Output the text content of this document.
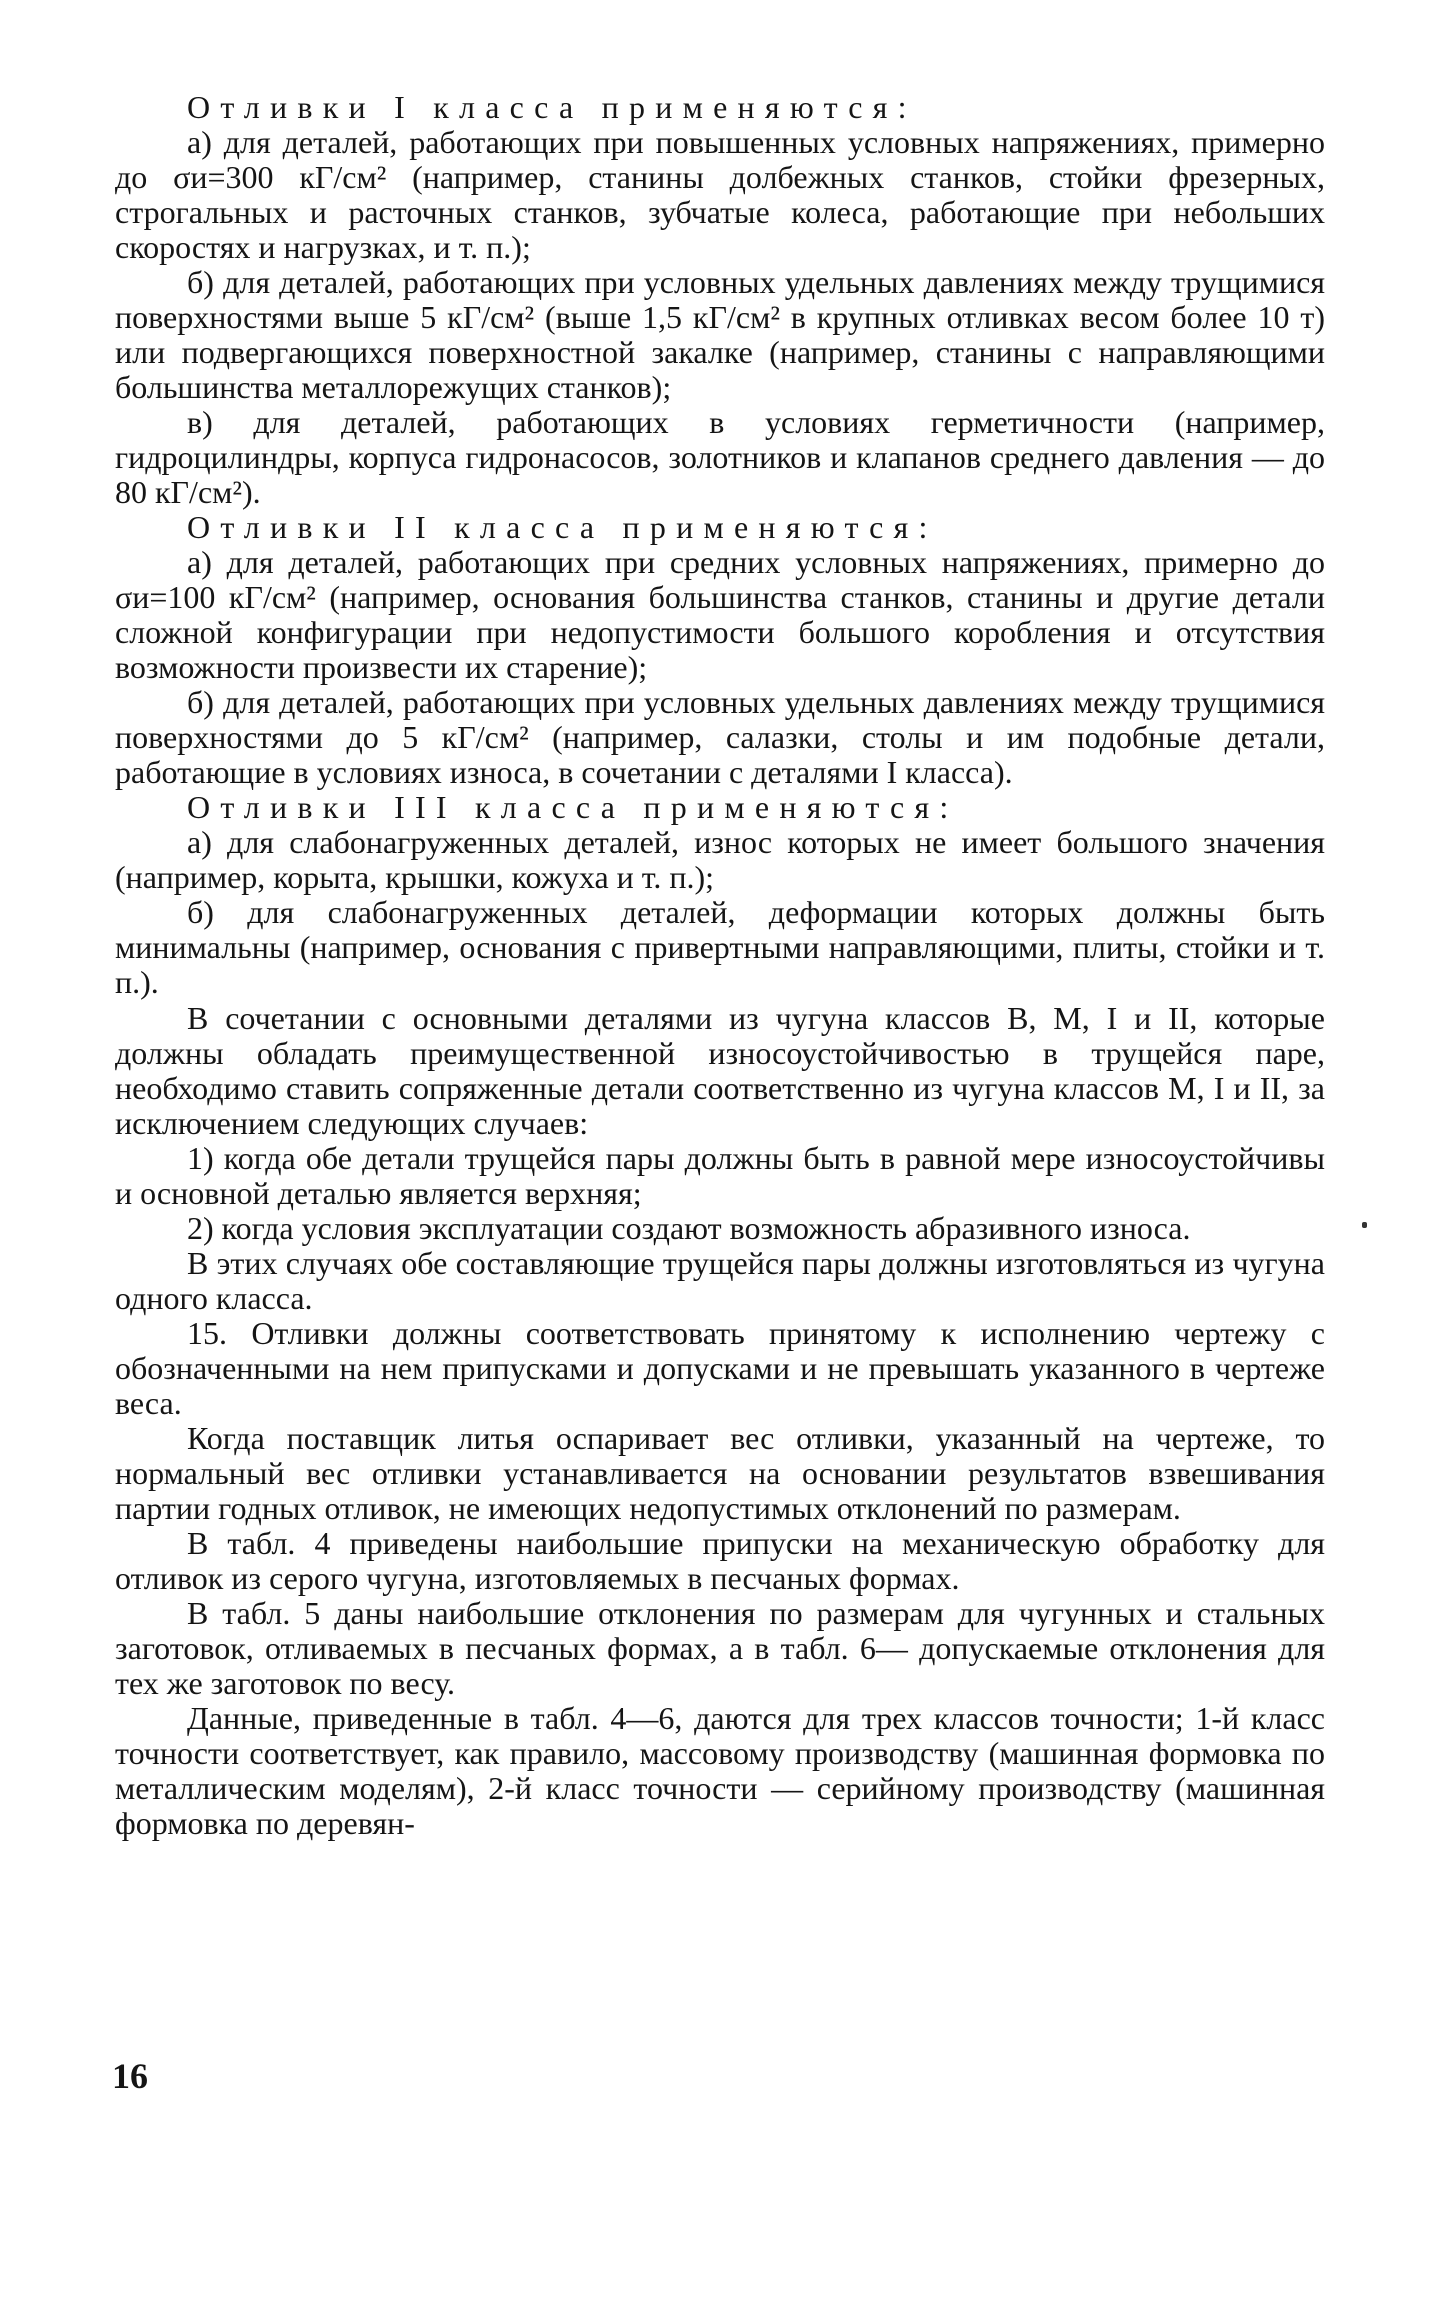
Отливки I класса применяются:

а) для деталей, работающих при повышенных условных напряжениях, примерно до σи=300 кГ/см² (например, станины долбежных станков, стойки фрезерных, строгальных и расточных станков, зубчатые колеса, работающие при небольших скоростях и нагрузках, и т. п.);

б) для деталей, работающих при условных удельных давлениях между трущимися поверхностями выше 5 кГ/см² (выше 1,5 кГ/см² в крупных отливках весом более 10 т) или подвергающихся поверхностной закалке (например, станины с направляющими большинства металлорежущих станков);

в) для деталей, работающих в условиях герметичности (например, гидроцилиндры, корпуса гидронасосов, золотников и клапанов среднего давления — до 80 кГ/см²).

Отливки II класса применяются:

а) для деталей, работающих при средних условных напряжениях, примерно до σи=100 кГ/см² (например, основания большинства станков, станины и другие детали сложной конфигурации при недопустимости большого коробления и отсутствия возможности произвести их старение);

б) для деталей, работающих при условных удельных давлениях между трущимися поверхностями до 5 кГ/см² (например, салазки, столы и им подобные детали, работающие в условиях износа, в сочетании с деталями I класса).

Отливки III класса применяются:

а) для слабонагруженных деталей, износ которых не имеет большого значения (например, корыта, крышки, кожуха и т. п.);

б) для слабонагруженных деталей, деформации которых должны быть минимальны (например, основания с привертными направляющими, плиты, стойки и т. п.).

В сочетании с основными деталями из чугуна классов В, М, I и II, которые должны обладать преимущественной износоустойчивостью в трущейся паре, необходимо ставить сопряженные детали соответственно из чугуна классов М, I и II, за исключением следующих случаев:

1) когда обе детали трущейся пары должны быть в равной мере износоустойчивы и основной деталью является верхняя;

2) когда условия эксплуатации создают возможность абразивного износа.

В этих случаях обе составляющие трущейся пары должны изготовляться из чугуна одного класса.

15. Отливки должны соответствовать принятому к исполнению чертежу с обозначенными на нем припусками и допусками и не превышать указанного в чертеже веса.

Когда поставщик литья оспаривает вес отливки, указанный на чертеже, то нормальный вес отливки устанавливается на основании результатов взвешивания партии годных отливок, не имеющих недопустимых отклонений по размерам.

В табл. 4 приведены наибольшие припуски на механическую обработку для отливок из серого чугуна, изготовляемых в песчаных формах.

В табл. 5 даны наибольшие отклонения по размерам для чугунных и стальных заготовок, отливаемых в песчаных формах, а в табл. 6— допускаемые отклонения для тех же заготовок по весу.

Данные, приведенные в табл. 4—6, даются для трех классов точности; 1-й класс точности соответствует, как правило, массовому производству (машинная формовка по металлическим моделям), 2-й класс точности — серийному производству (машинная формовка по деревян-

16
